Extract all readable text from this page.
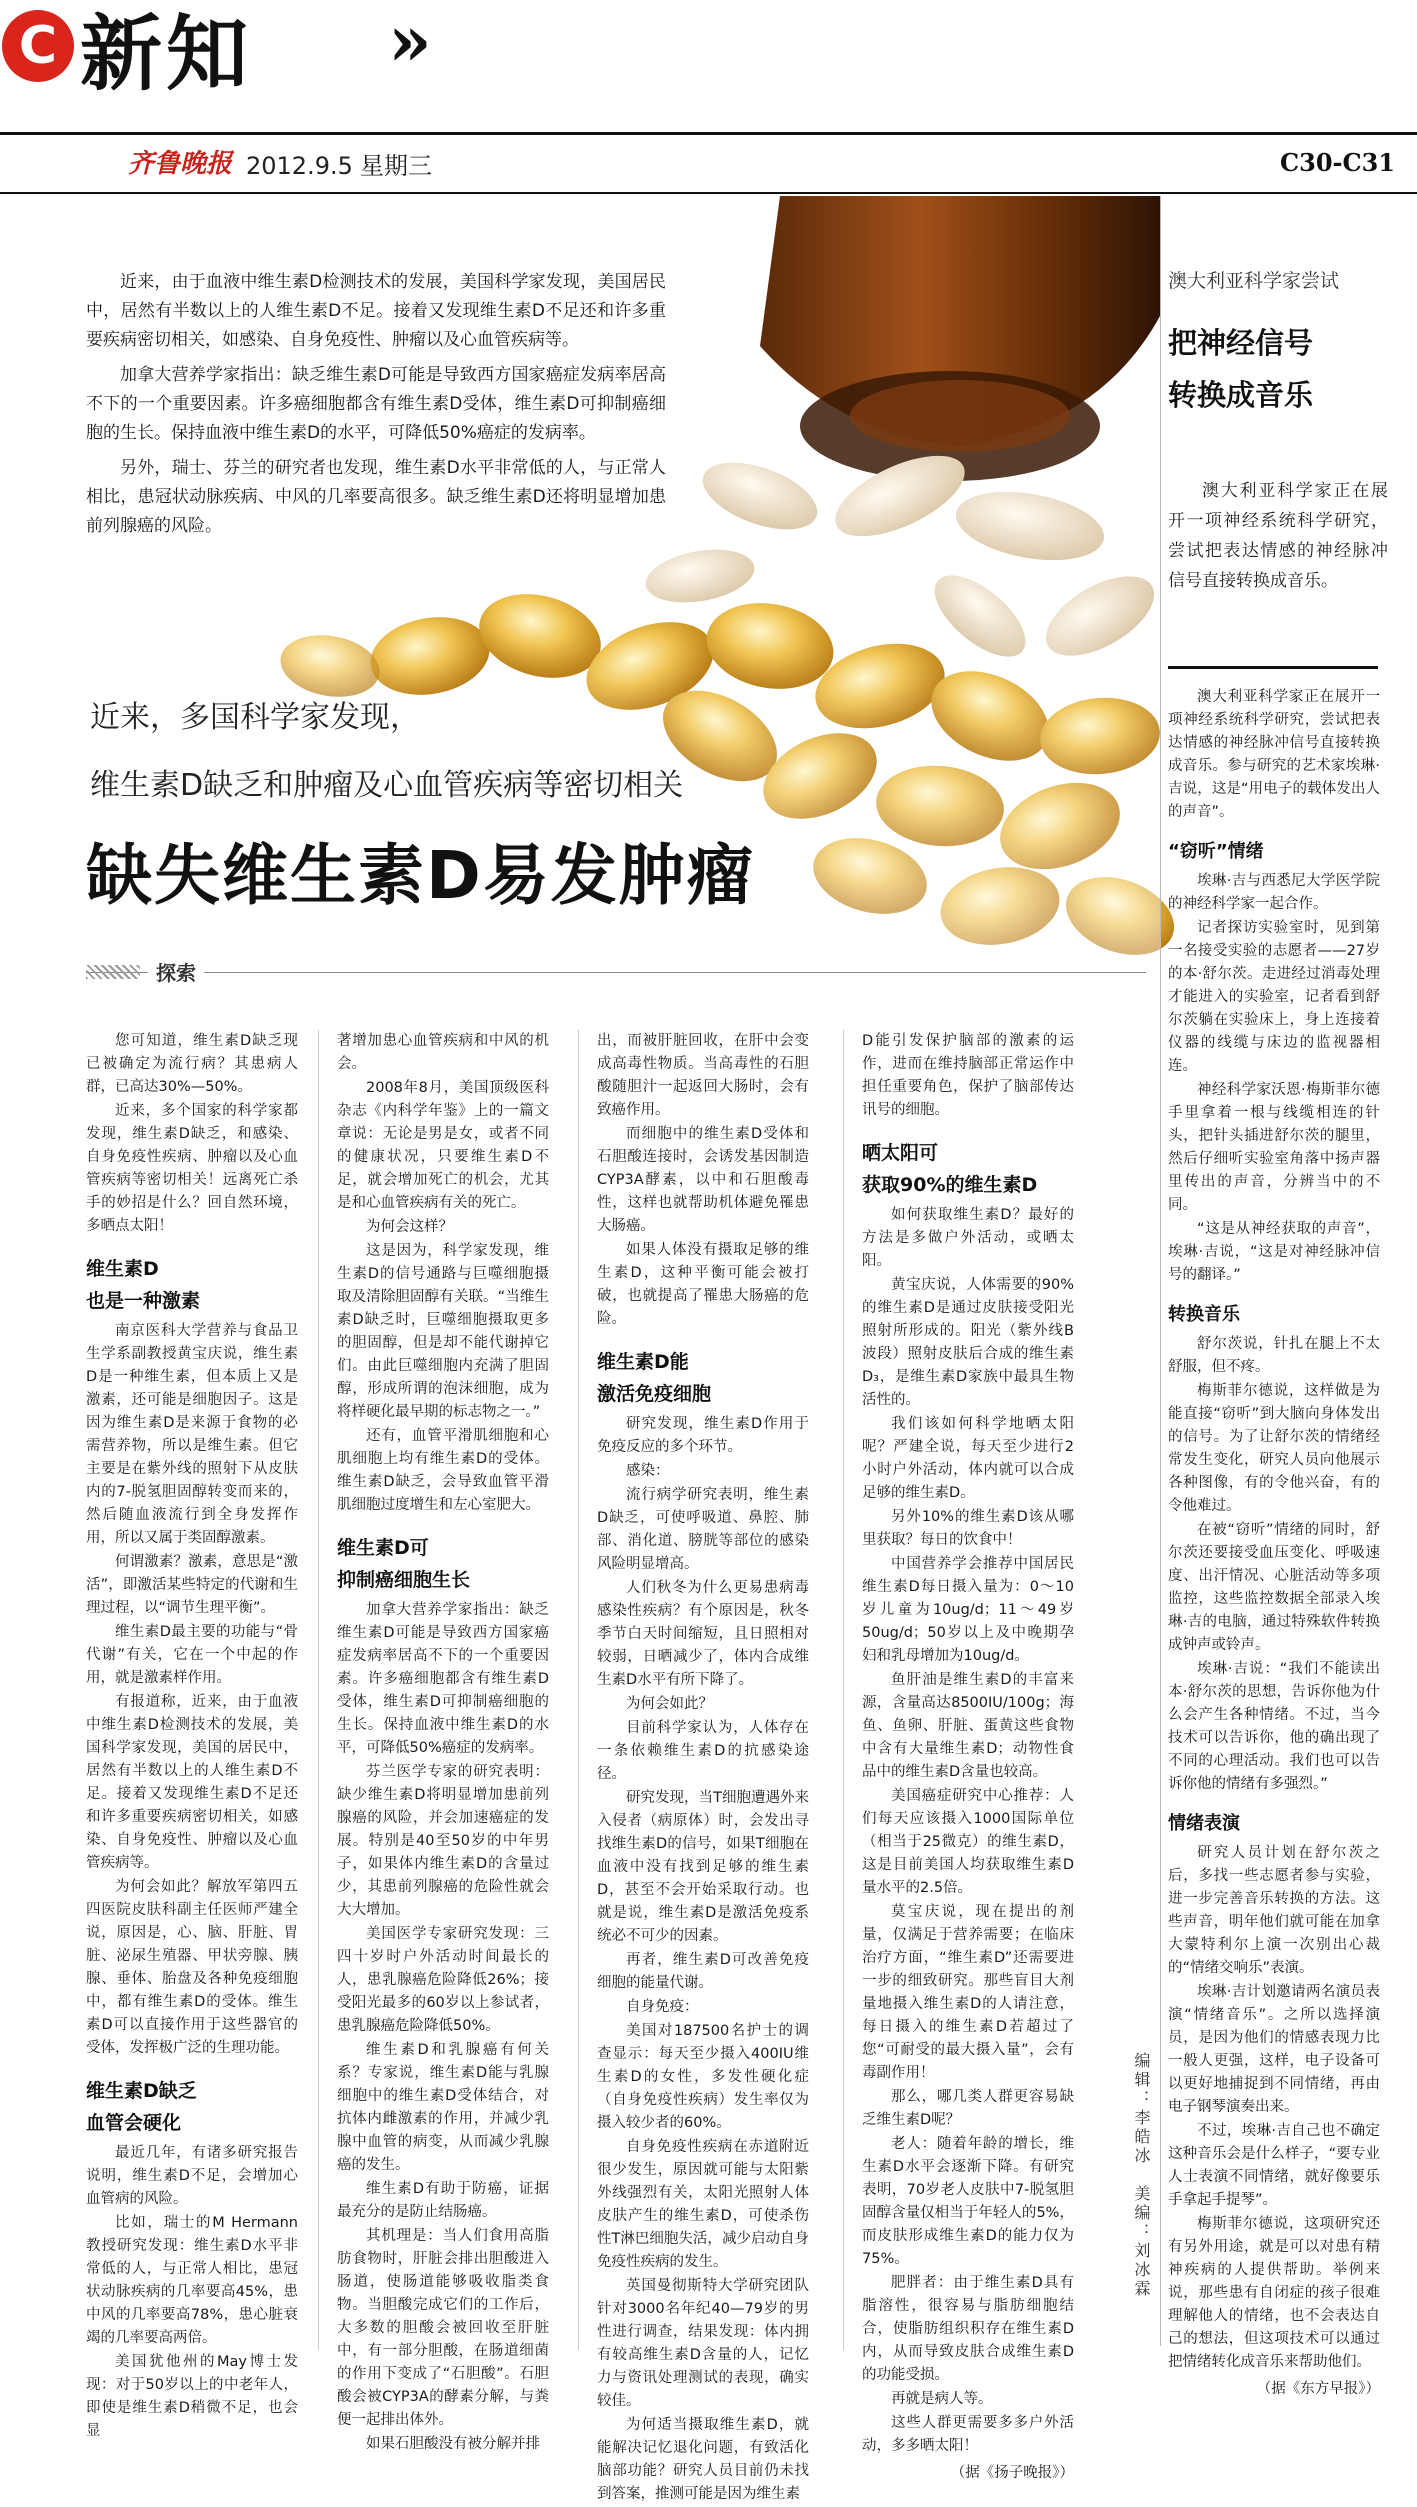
C 新知 »
齐鲁晚报 2012.9.5 星期三	C30-C31

近来，由于血液中维生素D检测技术的发展，美国科学家发现，美国居民中，居然有半数以上的人维生素D不足。接着又发现维生素D不足还和许多重要疾病密切相关，如感染、自身免疫性、肿瘤以及心血管疾病等。

加拿大营养学家指出：缺乏维生素D可能是导致西方国家癌症发病率居高不下的一个重要因素。许多癌细胞都含有维生素D受体，维生素D可抑制癌细胞的生长。保持血液中维生素D的水平，可降低50%癌症的发病率。

另外，瑞士、芬兰的研究者也发现，维生素D水平非常低的人，与正常人相比，患冠状动脉疾病、中风的几率要高很多。缺乏维生素D还将明显增加患前列腺癌的风险。

近来，多国科学家发现，
维生素D缺乏和肿瘤及心血管疾病等密切相关
缺失维生素D易发肿瘤
探索

您可知道，维生素D缺乏现已被确定为流行病？其患病人群，已高达30%—50%。

近来，多个国家的科学家都发现，维生素D缺乏，和感染、自身免疫性疾病、肿瘤以及心血管疾病等密切相关！远离死亡杀手的妙招是什么？回自然环境，多晒点太阳！

维生素D
也是一种激素

南京医科大学营养与食品卫生学系副教授黄宝庆说，维生素D是一种维生素，但本质上又是激素，还可能是细胞因子。这是因为维生素D是来源于食物的必需营养物，所以是维生素。但它主要是在紫外线的照射下从皮肤内的7-脱氢胆固醇转变而来的，然后随血液流行到全身发挥作用，所以又属于类固醇激素。

何谓激素？激素，意思是“激活”，即激活某些特定的代谢和生理过程，以“调节生理平衡”。

维生素D最主要的功能与“骨代谢”有关，它在一个中起的作用，就是激素样作用。

有报道称，近来，由于血液中维生素D检测技术的发展，美国科学家发现，美国的居民中，居然有半数以上的人维生素D不足。接着又发现维生素D不足还和许多重要疾病密切相关，如感染、自身免疫性、肿瘤以及心血管疾病等。

为何会如此？解放军第四五四医院皮肤科副主任医师严建全说，原因是，心、脑、肝脏、胃脏、泌尿生殖器、甲状旁腺、胰腺、垂体、胎盘及各种免疫细胞中，都有维生素D的受体。维生素D可以直接作用于这些器官的受体，发挥极广泛的生理功能。

维生素D缺乏
血管会硬化

最近几年，有诸多研究报告说明，维生素D不足，会增加心血管病的风险。

比如，瑞士的M Hermann教授研究发现：维生素D水平非常低的人，与正常人相比，患冠状动脉疾病的几率要高45%，患中风的几率要高78%，患心脏衰竭的几率要高两倍。

美国犹他州的May博士发现：对于50岁以上的中老年人，即使是维生素D稍微不足，也会显

著增加患心血管疾病和中风的机会。

2008年8月，美国顶级医科杂志《内科学年鉴》上的一篇文章说：无论是男是女，或者不同的健康状况，只要维生素D不足，就会增加死亡的机会，尤其是和心血管疾病有关的死亡。

为何会这样？

这是因为，科学家发现，维生素D的信号通路与巨噬细胞摄取及清除胆固醇有关联。“当维生素D缺乏时，巨噬细胞摄取更多的胆固醇，但是却不能代谢掉它们。由此巨噬细胞内充满了胆固醇，形成所谓的泡沫细胞，成为将样硬化最早期的标志物之一。”

还有，血管平滑肌细胞和心肌细胞上均有维生素D的受体。维生素D缺乏，会导致血管平滑肌细胞过度增生和左心室肥大。

维生素D可
抑制癌细胞生长

加拿大营养学家指出：缺乏维生素D可能是导致西方国家癌症发病率居高不下的一个重要因素。许多癌细胞都含有维生素D受体，维生素D可抑制癌细胞的生长。保持血液中维生素D的水平，可降低50%癌症的发病率。

芬兰医学专家的研究表明：缺少维生素D将明显增加患前列腺癌的风险，并会加速癌症的发展。特别是40至50岁的中年男子，如果体内维生素D的含量过少，其患前列腺癌的危险性就会大大增加。

美国医学专家研究发现：三四十岁时户外活动时间最长的人，患乳腺癌危险降低26%；接受阳光最多的60岁以上参试者，患乳腺癌危险降低50%。

维生素D和乳腺癌有何关系？专家说，维生素D能与乳腺细胞中的维生素D受体结合，对抗体内雌激素的作用，并减少乳腺中血管的病变，从而减少乳腺癌的发生。

维生素D有助于防癌，证据最充分的是防止结肠癌。

其机理是：当人们食用高脂肪食物时，肝脏会排出胆酸进入肠道，使肠道能够吸收脂类食物。当胆酸完成它们的工作后，大多数的胆酸会被回收至肝脏中，有一部分胆酸，在肠道细菌的作用下变成了“石胆酸”。石胆酸会被CYP3A的酵素分解，与粪便一起排出体外。

如果石胆酸没有被分解并排

出，而被肝脏回收，在肝中会变成高毒性物质。当高毒性的石胆酸随胆汁一起返回大肠时，会有致癌作用。

而细胞中的维生素D受体和石胆酸连接时，会诱发基因制造CYP3A酵素，以中和石胆酸毒性，这样也就帮助机体避免罹患大肠癌。

如果人体没有摄取足够的维生素D，这种平衡可能会被打破，也就提高了罹患大肠癌的危险。

维生素D能
激活免疫细胞

研究发现，维生素D作用于免疫反应的多个环节。

感染：

流行病学研究表明，维生素D缺乏，可使呼吸道、鼻腔、肺部、消化道、膀胱等部位的感染风险明显增高。

人们秋冬为什么更易患病毒感染性疾病？有个原因是，秋冬季节白天时间缩短，且日照相对较弱，日晒减少了，体内合成维生素D水平有所下降了。

为何会如此？

目前科学家认为，人体存在一条依赖维生素D的抗感染途径。

研究发现，当T细胞遭遇外来入侵者（病原体）时，会发出寻找维生素D的信号，如果T细胞在血液中没有找到足够的维生素D，甚至不会开始采取行动。也就是说，维生素D是激活免疫系统必不可少的因素。

再者，维生素D可改善免疫细胞的能量代谢。

自身免疫：

美国对187500名护士的调查显示：每天至少摄入400IU维生素D的女性，多发性硬化症（自身免疫性疾病）发生率仅为摄入较少者的60%。

自身免疫性疾病在赤道附近很少发生，原因就可能与太阳紫外线强烈有关，太阳光照射人体皮肤产生的维生素D，可使杀伤性T淋巴细胞失活，减少启动自身免疫性疾病的发生。

英国曼彻斯特大学研究团队针对3000名年纪40—79岁的男性进行调查，结果发现：体内拥有较高维生素D含量的人，记忆力与资讯处理测试的表现，确实较佳。

为何适当摄取维生素D，就能解决记忆退化问题，有致活化脑部功能？研究人员目前仍未找到答案，推测可能是因为维生素

D能引发保护脑部的激素的运作，进而在维持脑部正常运作中担任重要角色，保护了脑部传达讯号的细胞。

晒太阳可
获取90%的维生素D

如何获取维生素D？最好的方法是多做户外活动，或晒太阳。

黄宝庆说，人体需要的90%的维生素D是通过皮肤接受阳光照射所形成的。阳光（紫外线B波段）照射皮肤后合成的维生素D₃，是维生素D家族中最具生物活性的。

我们该如何科学地晒太阳呢？严建全说，每天至少进行2小时户外活动，体内就可以合成足够的维生素D。

另外10%的维生素D该从哪里获取？每日的饮食中！

中国营养学会推荐中国居民维生素D每日摄入量为：0～10岁儿童为10ug/d；11～49岁50ug/d；50岁以上及中晚期孕妇和乳母增加为10ug/d。

鱼肝油是维生素D的丰富来源，含量高达8500IU/100g；海鱼、鱼卵、肝脏、蛋黄这些食物中含有大量维生素D；动物性食品中的维生素D含量也较高。

美国癌症研究中心推荐：人们每天应该摄入1000国际单位（相当于25微克）的维生素D，这是目前美国人均获取维生素D量水平的2.5倍。

莫宝庆说，现在提出的剂量，仅满足于营养需要；在临床治疗方面，“维生素D”还需要进一步的细致研究。那些盲目大剂量地摄入维生素D的人请注意，每日摄入的维生素D若超过了您“可耐受的最大摄入量”，会有毒副作用！

那么，哪几类人群更容易缺乏维生素D呢？

老人：随着年龄的增长，维生素D水平会逐渐下降。有研究表明，70岁老人皮肤中7-脱氢胆固醇含量仅相当于年轻人的5%，而皮肤形成维生素D的能力仅为75%。

肥胖者：由于维生素D具有脂溶性，很容易与脂肪细胞结合，使脂肪组织积存在维生素D内，从而导致皮肤合成维生素D的功能受损。

再就是病人等。

这些人群更需要多多户外活动，多多晒太阳！

（据《扬子晚报》）

编辑：李皓冰　美编：刘冰霖
澳大利亚科学家尝试
把神经信号
转换成音乐
澳大利亚科学家正在展开一项神经系统科学研究，尝试把表达情感的神经脉冲信号直接转换成音乐。

澳大利亚科学家正在展开一项神经系统科学研究，尝试把表达情感的神经脉冲信号直接转换成音乐。参与研究的艺术家埃琳·吉说，这是“用电子的载体发出人的声音”。

“窃听”情绪

埃琳·吉与西悉尼大学医学院的神经科学家一起合作。

记者探访实验室时，见到第一名接受实验的志愿者——27岁的本·舒尔茨。走进经过消毒处理才能进入的实验室，记者看到舒尔茨躺在实验床上，身上连接着仪器的线缆与床边的监视器相连。

神经科学家沃恩·梅斯菲尔德手里拿着一根与线缆相连的针头，把针头插进舒尔茨的腿里，然后仔细听实验室角落中扬声器里传出的声音，分辨当中的不同。

“这是从神经获取的声音”，埃琳·吉说，“这是对神经脉冲信号的翻译。”

转换音乐

舒尔茨说，针扎在腿上不太舒服，但不疼。

梅斯菲尔德说，这样做是为能直接“窃听”到大脑向身体发出的信号。为了让舒尔茨的情绪经常发生变化，研究人员向他展示各种图像，有的令他兴奋，有的令他难过。

在被“窃听”情绪的同时，舒尔茨还要接受血压变化、呼吸速度、出汗情况、心脏活动等多项监控，这些监控数据全部录入埃琳·吉的电脑，通过特殊软件转换成钟声或铃声。

埃琳·吉说：“我们不能读出本·舒尔茨的思想，告诉你他为什么会产生各种情绪。不过，当今技术可以告诉你，他的确出现了不同的心理活动。我们也可以告诉你他的情绪有多强烈。”

情绪表演

研究人员计划在舒尔茨之后，多找一些志愿者参与实验，进一步完善音乐转换的方法。这些声音，明年他们就可能在加拿大蒙特利尔上演一次别出心裁的“情绪交响乐”表演。

埃琳·吉计划邀请两名演员表演“情绪音乐”。之所以选择演员，是因为他们的情感表现力比一般人更强，这样，电子设备可以更好地捕捉到不同情绪，再由电子钢琴演奏出来。

不过，埃琳·吉自己也不确定这种音乐会是什么样子，“要专业人士表演不同情绪，就好像要乐手拿起手提琴”。

梅斯菲尔德说，这项研究还有另外用途，就是可以对患有精神疾病的人提供帮助。举例来说，那些患有自闭症的孩子很难理解他人的情绪，也不会表达自己的想法，但这项技术可以通过把情绪转化成音乐来帮助他们。

（据《东方早报》）
